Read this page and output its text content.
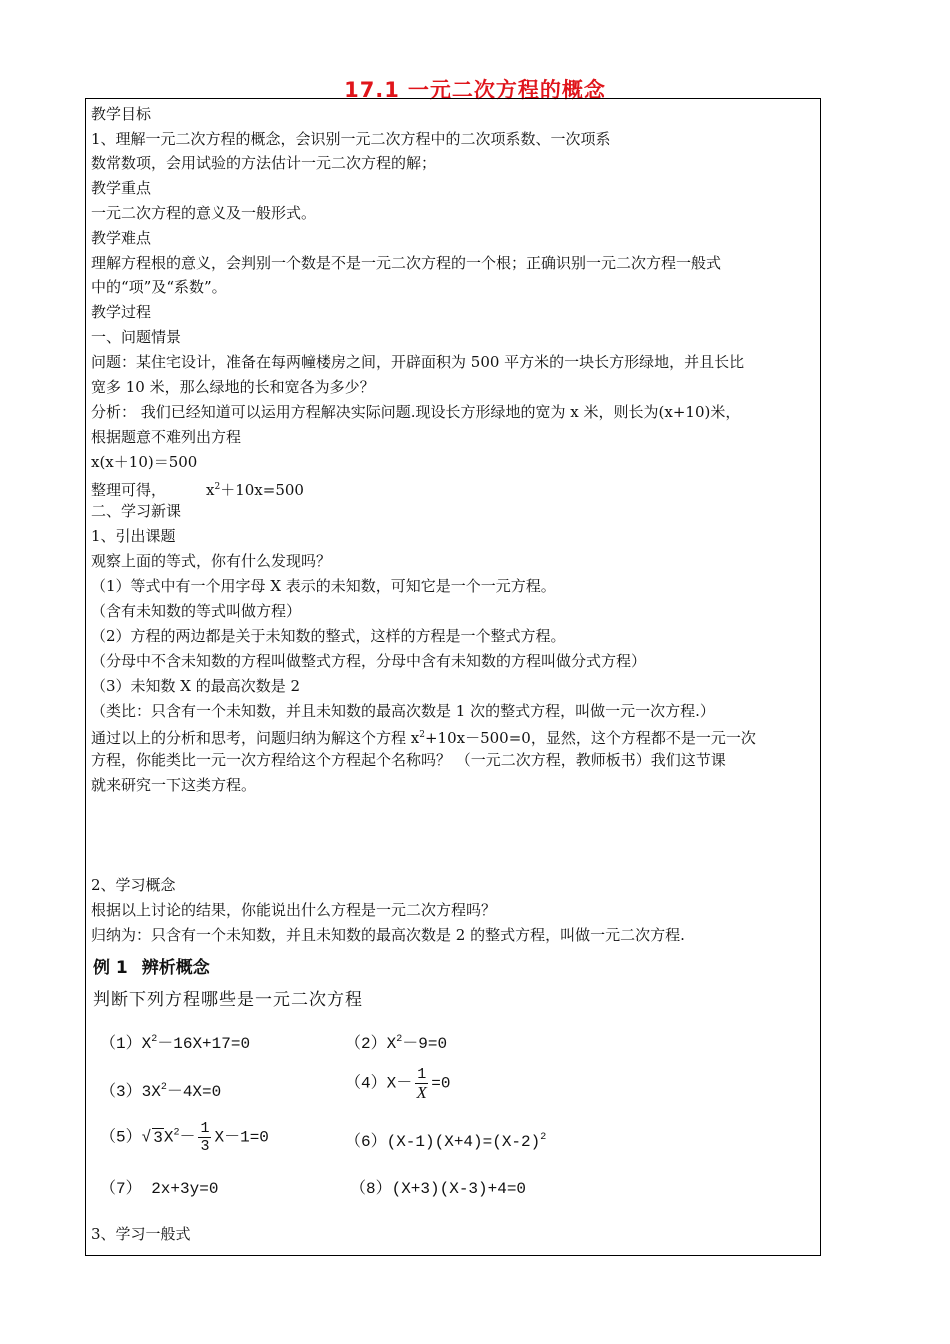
17.1 一元二次方程的概念
教学目标
1、理解一元二次方程的概念，会识别一元二次方程中的二次项系数、一次项系
数常数项，会用试验的方法估计一元二次方程的解；
教学重点
一元二次方程的意义及一般形式。
教学难点
理解方程根的意义，会判别一个数是不是一元二次方程的一个根；正确识别一元二次方程一般式
中的“项”及“系数”。
教学过程
一、问题情景
问题：某住宅设计，准备在每两幢楼房之间，开辟面积为 500 平方米的一块长方形绿地，并且长比
宽多 10 米，那么绿地的长和宽各为多少？
分析： 我们已经知道可以运用方程解决实际问题.现设长方形绿地的宽为 x 米，则长为(x+10)米，
根据题意不难列出方程
x(x＋10)＝500
整理可得，	$x^2+10x=500$
二、学习新课
1、引出课题
观察上面的等式，你有什么发现吗？
（1）等式中有一个用字母 X 表示的未知数，可知它是一个一元方程。
（含有未知数的等式叫做方程）
（2）方程的两边都是关于未知数的整式，这样的方程是一个整式方程。
（分母中不含未知数的方程叫做整式方程，分母中含有未知数的方程叫做分式方程）
（3）未知数 X 的最高次数是 2
（类比：只含有一个未知数，并且未知数的最高次数是 1 次的整式方程，叫做一元一次方程.）
通过以上的分析和思考，问题归纳为解这个方程 $x^2+10x-500=0$，显然，这个方程都不是一元一次
方程，你能类比一元一次方程给这个方程起个名称吗？ （一元二次方程，教师板书）我们这节课
就来研究一下这类方程。
2、学习概念
根据以上讨论的结果，你能说出什么方程是一元二次方程吗？
归纳为：只含有一个未知数，并且未知数的最高次数是 2 的整式方程，叫做一元二次方程.
例 1 辨析概念
判断下列方程哪些是一元二次方程
$(1)X^2-16X+17=0$	$(2)X^2-9=0$
$(3)3X^2-4X=0$	$(4)X- \frac{1}{X} =0$
（5）√ $3X^2- \frac{1}{3} X-1=0$	$(6)(X-1)(X+4)=(X-2)^2$
（7） 2x+3y=0	（8）(X+3)(X-3)+4=0
3、学习一般式
